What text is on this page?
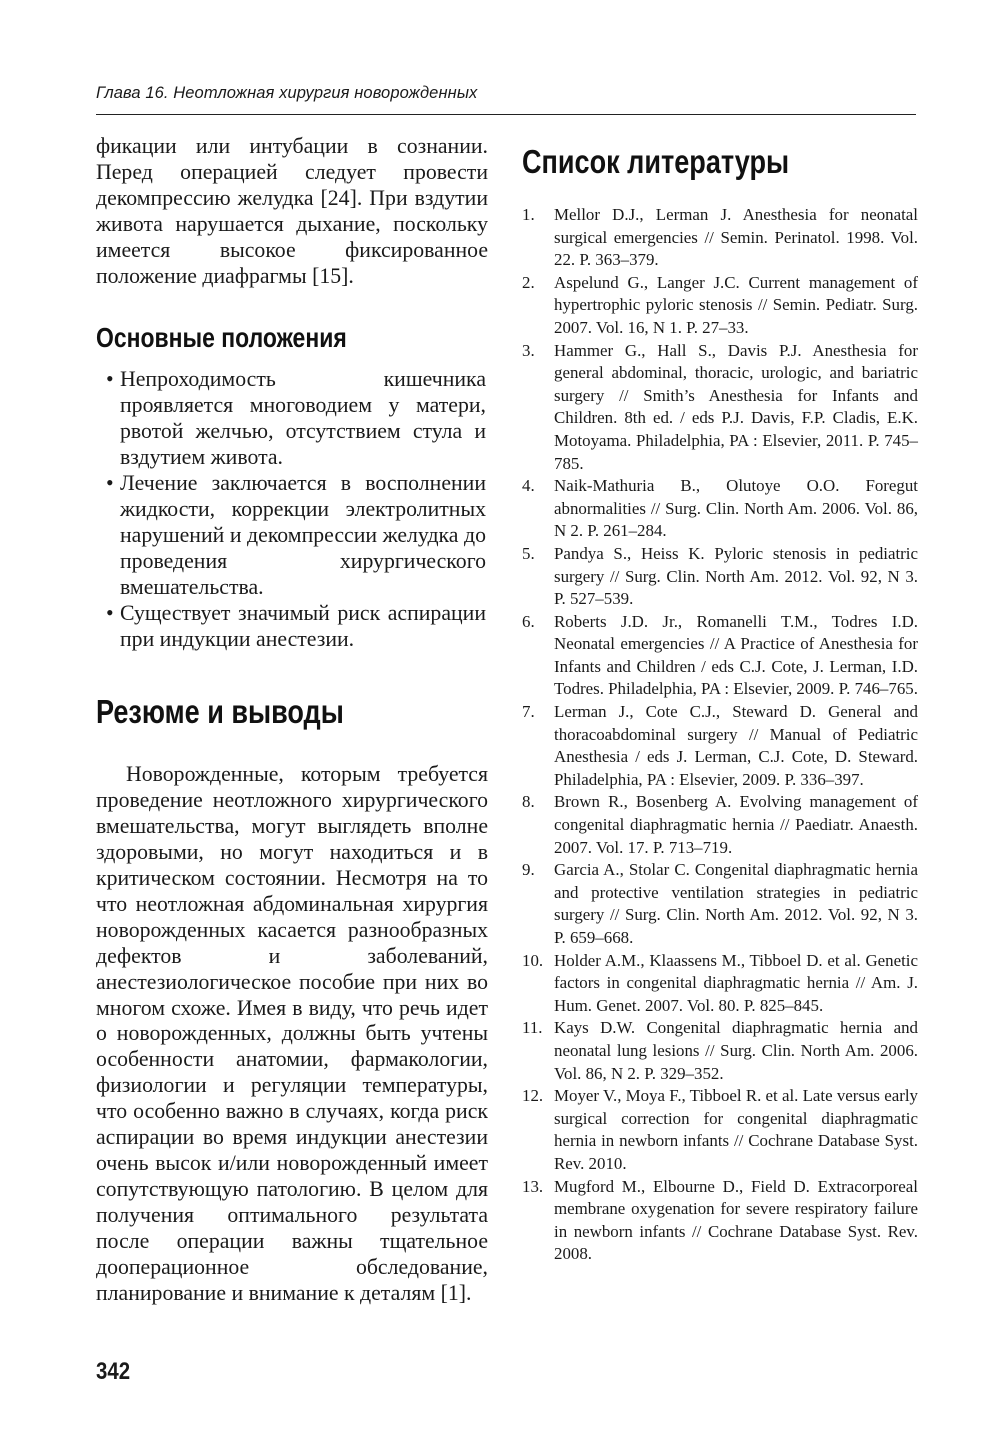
Глава 16. Неотложная хирургия новорожденных

фикации или интубации в сознании. Перед операцией следует провести декомпрессию желудка [24]. При вздутии живота нарушается дыхание, поскольку имеется высокое фиксированное положение диафрагмы [15].

Основные положения
• Непроходимость кишечника проявляется многоводием у матери, рвотой желчью, отсутствием стула и вздутием живота.
• Лечение заключается в восполнении жидкости, коррекции электролитных нарушений и декомпрессии желудка до проведения хирургического вмешательства.
• Существует значимый риск аспирации при индукции анестезии.
Резюме и выводы

Новорожденные, которым требуется проведение неотложного хирургического вмешательства, могут выглядеть вполне здоровыми, но могут находиться и в критическом состоянии. Несмотря на то что неотложная абдоминальная хирургия новорожденных касается разнообразных дефектов и заболеваний, анестезиологическое пособие при них во многом схоже. Имея в виду, что речь идет о новорожденных, должны быть учтены особенности анатомии, фармакологии, физиологии и регуляции температуры, что особенно важно в случаях, когда риск аспирации во время индукции анестезии очень высок и/или новорожденный имеет сопутствующую патологию. В целом для получения оптимального результата после операции важны тщательное дооперационное обследование, планирование и внимание к деталям [1].

Список литературы
1. Mellor D.J., Lerman J. Anesthesia for neonatal surgical emergencies // Semin. Perinatol. 1998. Vol. 22. P. 363–379.
2. Aspelund G., Langer J.C. Current management of hypertrophic pyloric stenosis // Semin. Pediatr. Surg. 2007. Vol. 16, N 1. P. 27–33.
3. Hammer G., Hall S., Davis P.J. Anesthesia for general abdominal, thoracic, urologic, and bariatric surgery // Smith’s Anesthesia for Infants and Children. 8th ed. / eds P.J. Davis, F.P. Cladis, E.K. Motoyama. Philadelphia, PA : Elsevier, 2011. P. 745–785.
4. Naik-Mathuria B., Olutoye O.O. Foregut abnormalities // Surg. Clin. North Am. 2006. Vol. 86, N 2. P. 261–284.
5. Pandya S., Heiss K. Pyloric stenosis in pediatric surgery // Surg. Clin. North Am. 2012. Vol. 92, N 3. P. 527–539.
6. Roberts J.D. Jr., Romanelli T.M., Todres I.D. Neonatal emergencies // A Practice of Anesthesia for Infants and Children / eds C.J. Cote, J. Lerman, I.D. Todres. Philadelphia, PA : Elsevier, 2009. P. 746–765.
7. Lerman J., Cote C.J., Steward D. General and thoracoabdominal surgery // Manual of Pediatric Anesthesia / eds J. Lerman, C.J. Cote, D. Steward. Philadelphia, PA : Elsevier, 2009. P. 336–397.
8. Brown R., Bosenberg A. Evolving management of congenital diaphragmatic hernia // Paediatr. Anaesth. 2007. Vol. 17. P. 713–719.
9. Garcia A., Stolar C. Congenital diaphragmatic hernia and protective ventilation strategies in pediatric surgery // Surg. Clin. North Am. 2012. Vol. 92, N 3. P. 659–668.
10. Holder A.M., Klaassens M., Tibboel D. et al. Genetic factors in congenital diaphragmatic hernia // Am. J. Hum. Genet. 2007. Vol. 80. P. 825–845.
11. Kays D.W. Congenital diaphragmatic hernia and neonatal lung lesions // Surg. Clin. North Am. 2006. Vol. 86, N 2. P. 329–352.
12. Moyer V., Moya F., Tibboel R. et al. Late versus early surgical correction for congenital diaphragmatic hernia in newborn infants // Cochrane Database Syst. Rev. 2010.
13. Mugford M., Elbourne D., Field D. Extracorporeal membrane oxygenation for severe respiratory failure in newborn infants // Cochrane Database Syst. Rev. 2008.
342
